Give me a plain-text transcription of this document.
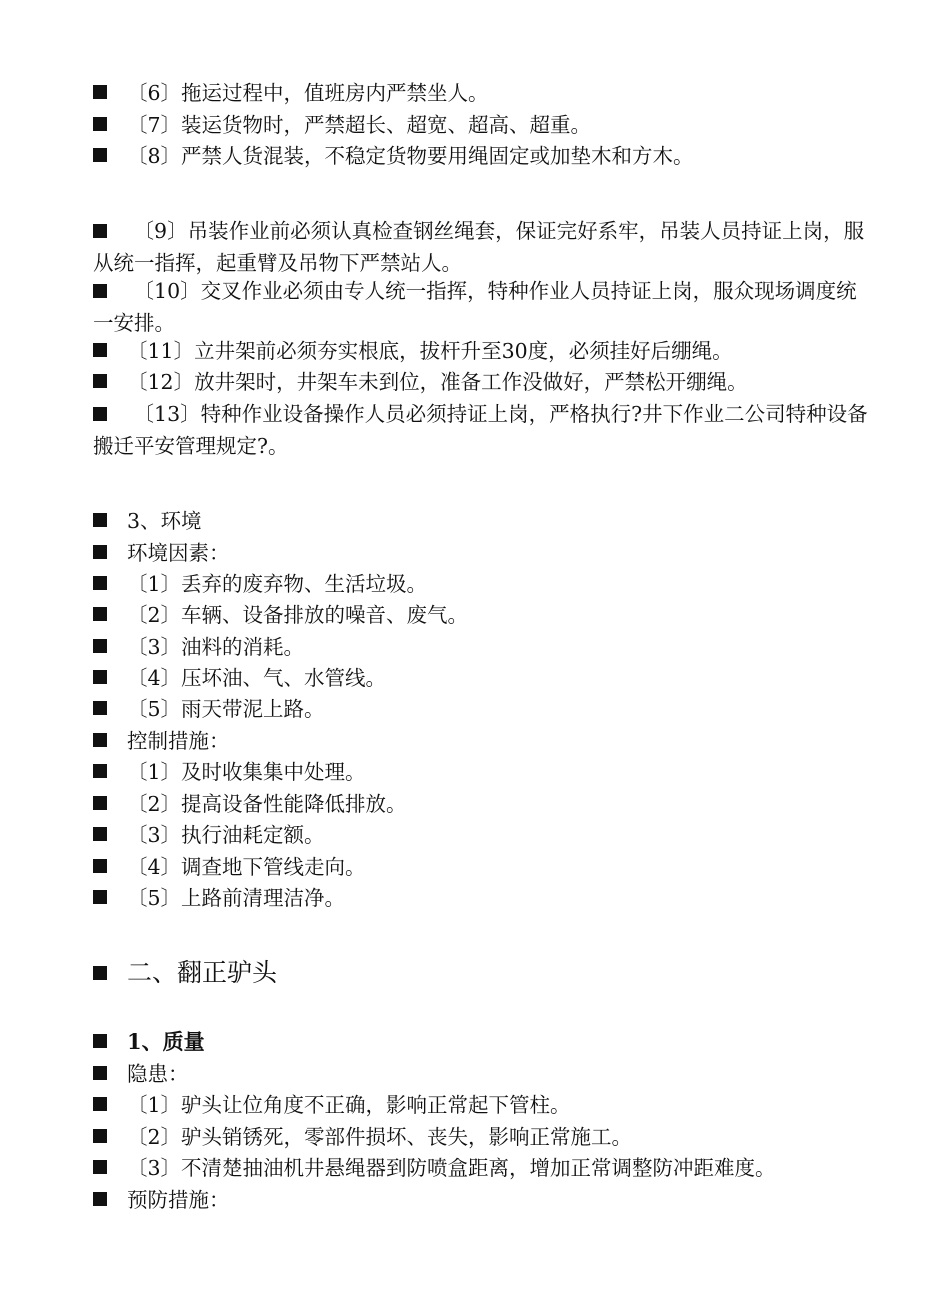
〔6〕拖运过程中，值班房内严禁坐人。
〔7〕装运货物时，严禁超长、超宽、超高、超重。
〔8〕严禁人货混装，不稳定货物要用绳固定或加垫木和方木。
〔9〕吊装作业前必须认真检查钢丝绳套，保证完好系牢，吊装人员持证上岗，服从统一指挥，起重臂及吊物下严禁站人。
〔10〕交叉作业必须由专人统一指挥，特种作业人员持证上岗，服众现场调度统一安排。
〔11〕立井架前必须夯实根底，拔杆升至30度，必须挂好后绷绳。
〔12〕放井架时，井架车未到位，准备工作没做好，严禁松开绷绳。
〔13〕特种作业设备操作人员必须持证上岗，严格执行?井下作业二公司特种设备搬迁平安管理规定?。
3、环境
环境因素：
〔1〕丢弃的废弃物、生活垃圾。
〔2〕车辆、设备排放的噪音、废气。
〔3〕油料的消耗。
〔4〕压坏油、气、水管线。
〔5〕雨天带泥上路。
控制措施：
〔1〕及时收集集中处理。
〔2〕提高设备性能降低排放。
〔3〕执行油耗定额。
〔4〕调查地下管线走向。
〔5〕上路前清理洁净。
二、翻正驴头
1、质量
隐患：
〔1〕驴头让位角度不正确，影响正常起下管柱。
〔2〕驴头销锈死，零部件损坏、丧失，影响正常施工。
〔3〕不清楚抽油机井悬绳器到防喷盒距离，增加正常调整防冲距难度。
预防措施：
